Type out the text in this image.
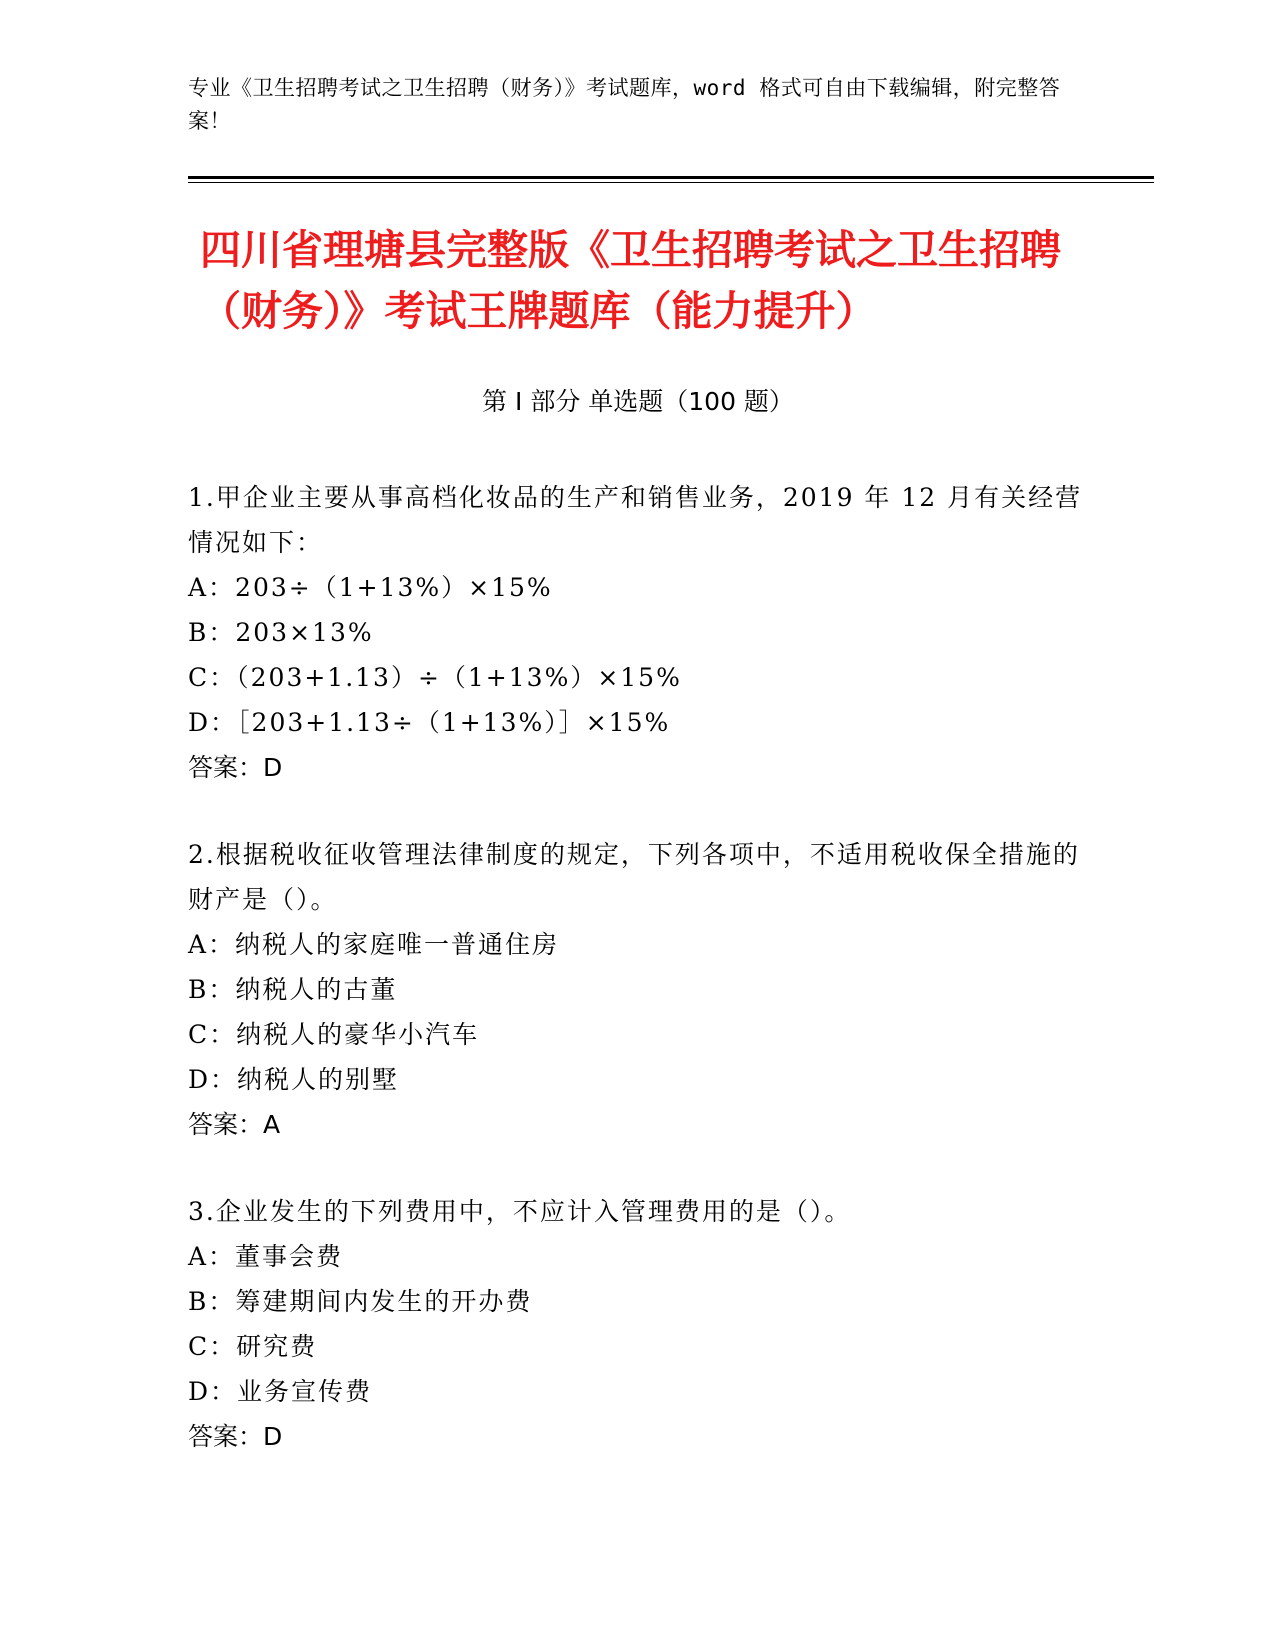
专业《卫生招聘考试之卫生招聘（财务）》考试题库，word 格式可自由下载编辑，附完整答案！

四川省理塘县完整版《卫生招聘考试之卫生招聘（财务）》考试王牌题库（能力提升）
第 I 部分 单选题（100 题）

1.甲企业主要从事高档化妆品的生产和销售业务，2019 年 12 月有关经营情况如下：

A：203÷（1+13%）×15%

B：203×13%

C：（203+1.13）÷（1+13%）×15%

D：［203+1.13÷（1+13%）］×15%

答案：D

2.根据税收征收管理法律制度的规定，下列各项中，不适用税收保全措施的财产是（）。

A：纳税人的家庭唯一普通住房

B：纳税人的古董

C：纳税人的豪华小汽车

D：纳税人的别墅

答案：A

3.企业发生的下列费用中，不应计入管理费用的是（）。

A：董事会费

B：筹建期间内发生的开办费

C：研究费

D：业务宣传费

答案：D
